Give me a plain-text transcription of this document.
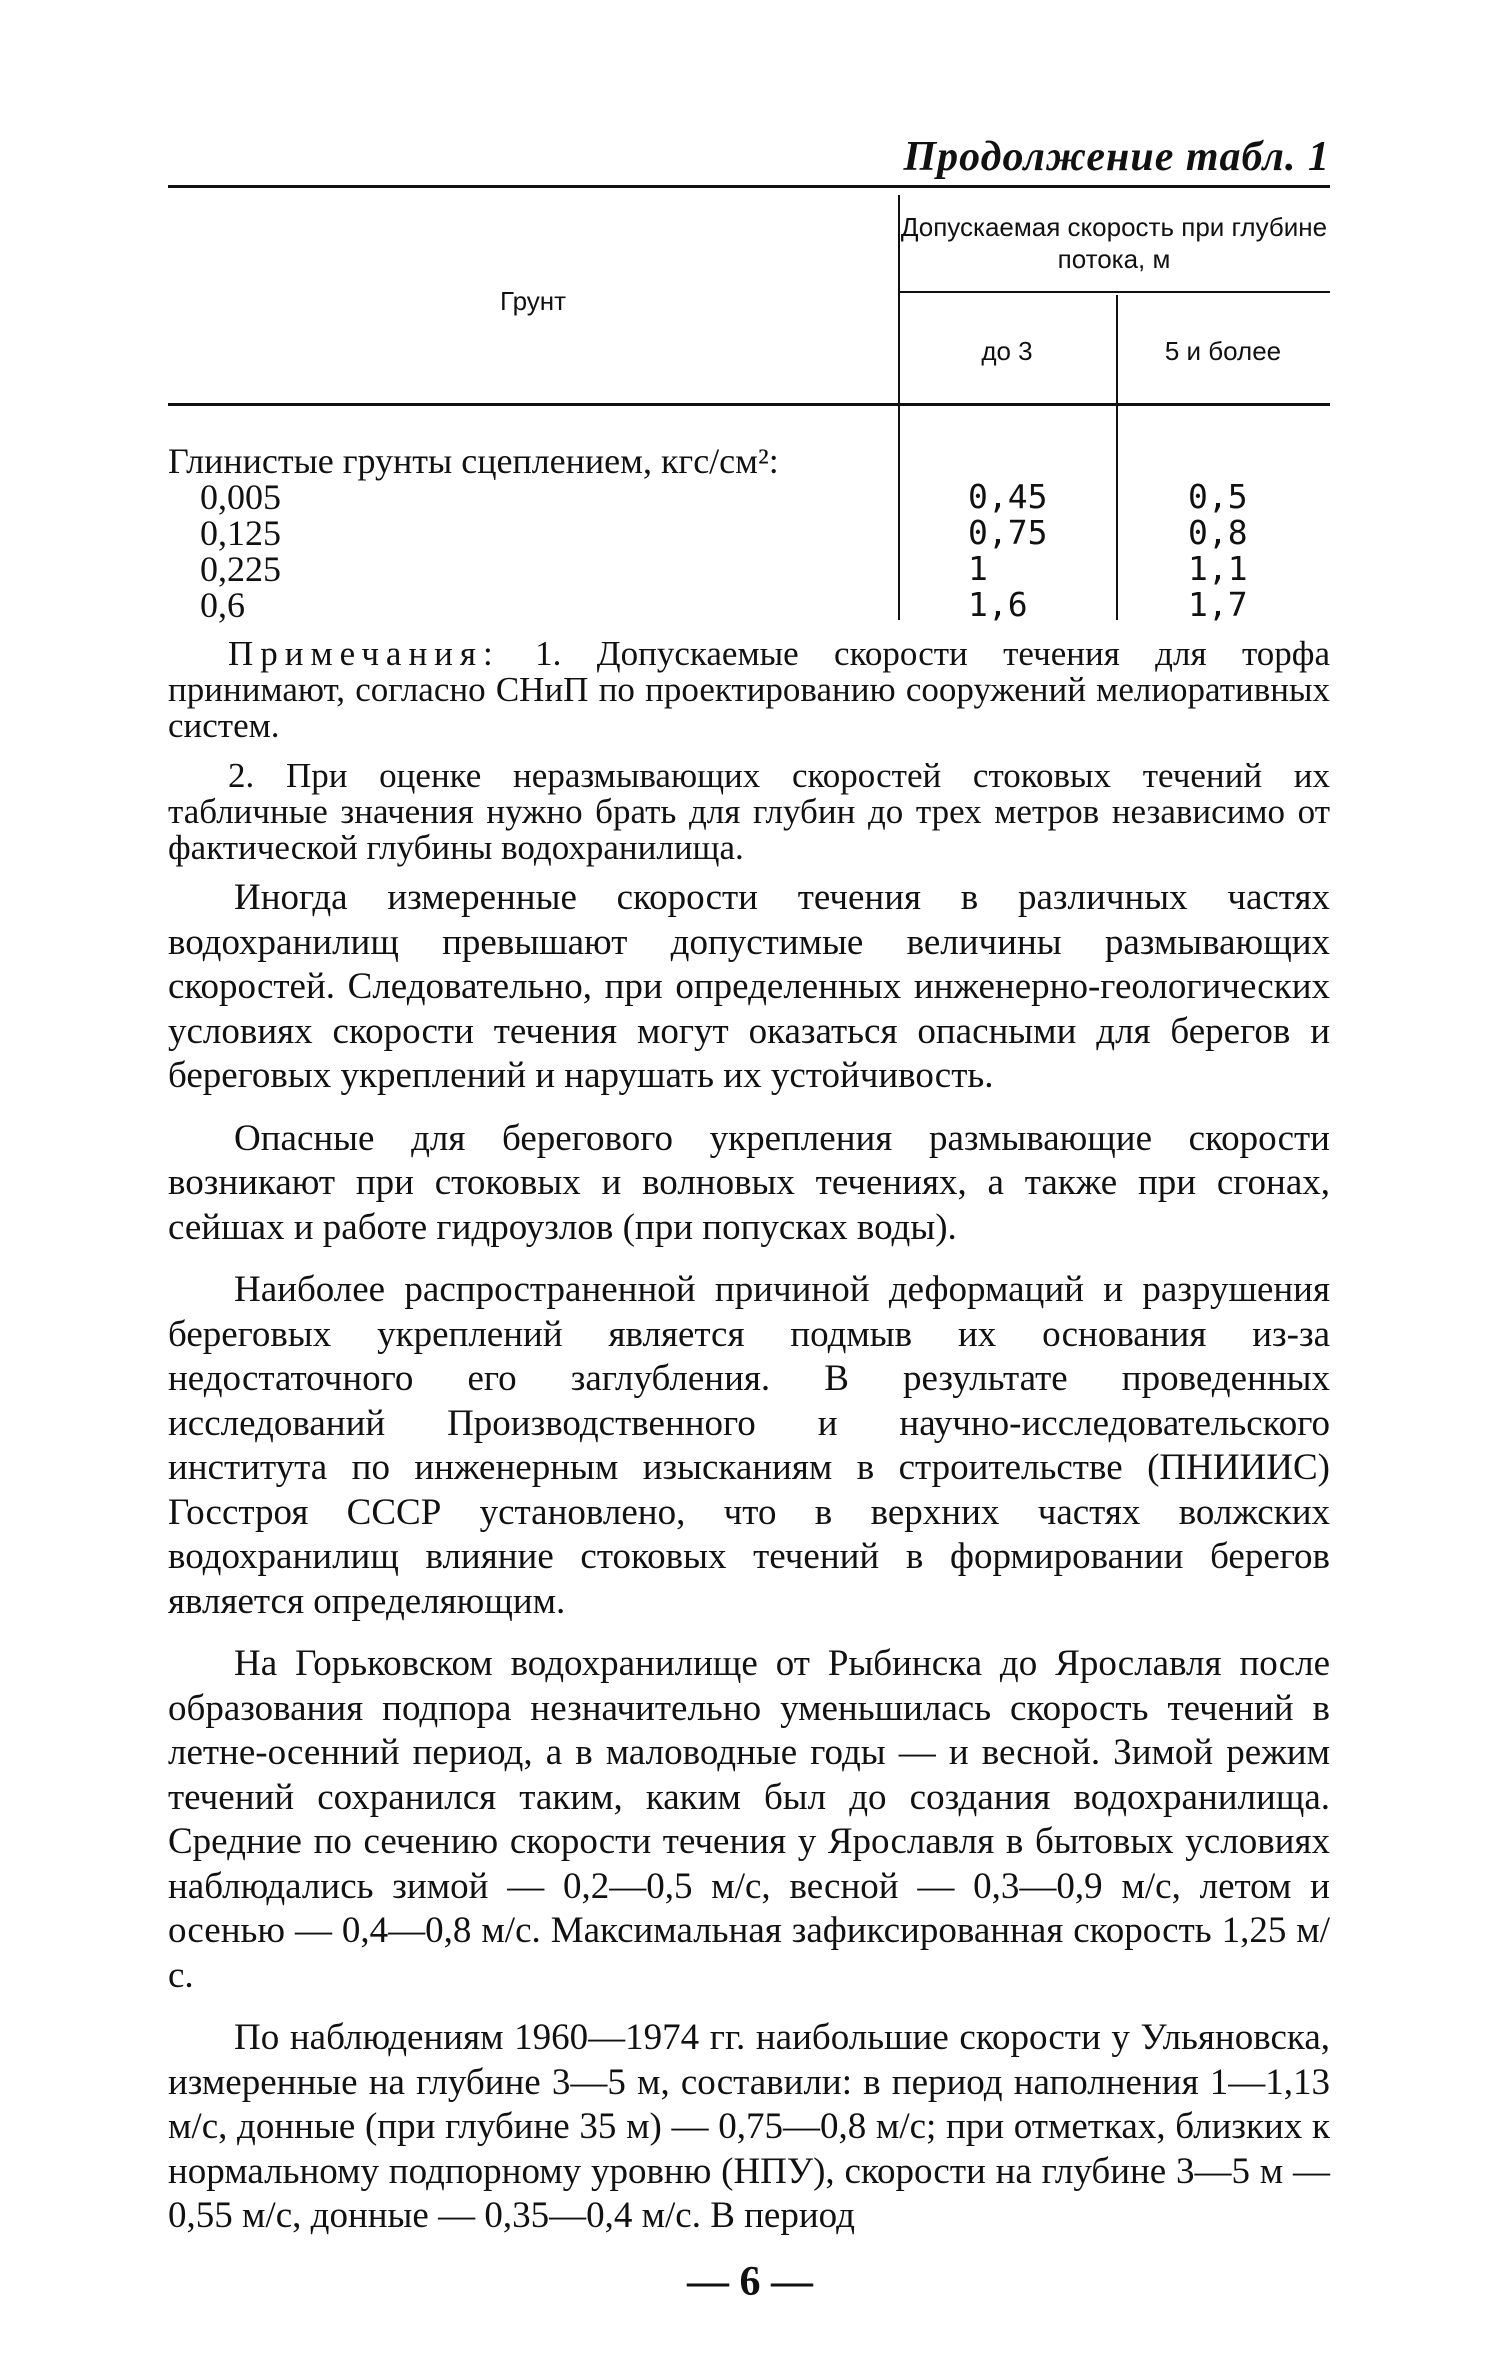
Продолжение табл. 1
Допускаемая скорость при глубине потока, м
Грунт
до 3	5 и более
Глинистые грунты сцеплением, кгс/см²:
0,005	0,45	0,5
0,125	0,75	0,8
0,225	1	1,1
0,6	1,6	1,7

Примечания: 1. Допускаемые скорости течения для торфа принимают, согласно СНиП по проектированию сооружений мелиоративных систем.

2. При оценке неразмывающих скоростей стоковых течений их табличные значения нужно брать для глубин до трех метров независимо от фактической глубины водохранилища.

Иногда измеренные скорости течения в различных частях водохранилищ превышают допустимые величины размывающих скоростей. Следовательно, при определенных инженерно-геологических условиях скорости течения могут оказаться опасными для берегов и береговых укреплений и нарушать их устойчивость.

Опасные для берегового укрепления размывающие скорости возникают при стоковых и волновых течениях, а также при сгонах, сейшах и работе гидроузлов (при попусках воды).

Наиболее распространенной причиной деформаций и разрушения береговых укреплений является подмыв их основания из-за недостаточного его заглубления. В результате проведенных исследований Производственного и научно-исследовательского института по инженерным изысканиям в строительстве (ПНИИИС) Госстроя СССР установлено, что в верхних частях волжских водохранилищ влияние стоковых течений в формировании берегов является определяющим.

На Горьковском водохранилище от Рыбинска до Ярославля после образования подпора незначительно уменьшилась скорость течений в летне-осенний период, а в маловодные годы — и весной. Зимой режим течений сохранился таким, каким был до создания водохранилища. Средние по сечению скорости течения у Ярославля в бытовых условиях наблюдались зимой — 0,2—0,5 м/с, весной — 0,3—0,9 м/с, летом и осенью — 0,4—0,8 м/с. Максимальная зафиксированная скорость 1,25 м/с.

По наблюдениям 1960—1974 гг. наибольшие скорости у Ульяновска, измеренные на глубине 3—5 м, составили: в период наполнения 1—1,13 м/с, донные (при глубине 35 м) — 0,75—0,8 м/с; при отметках, близких к нормальному подпорному уровню (НПУ), скорости на глубине 3—5 м — 0,55 м/с, донные — 0,35—0,4 м/с. В период

— 6 —
